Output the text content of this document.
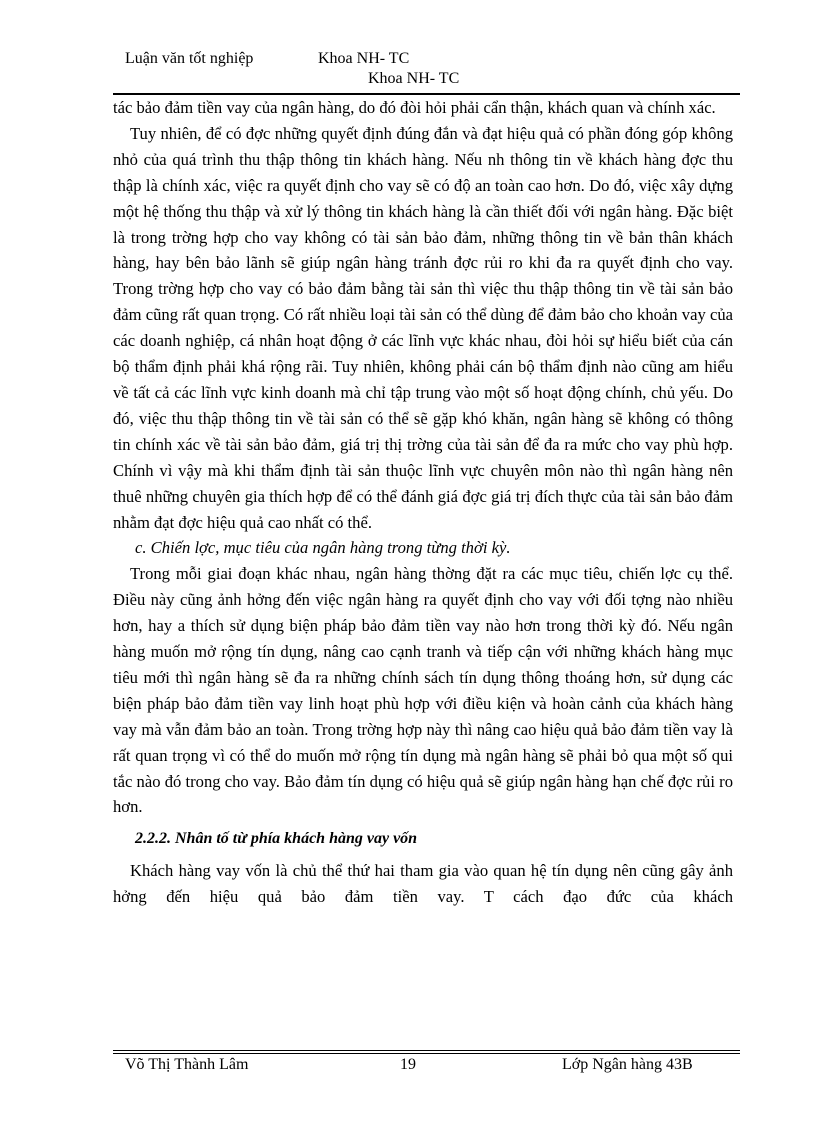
Luận văn tốt nghiệp	Khoa NH- TC
Khoa NH- TC

tác bảo đảm tiền vay của ngân hàng, do đó đòi hỏi phải cẩn thận, khách quan và chính xác.

Tuy nhiên, để có đợc những quyết định đúng đắn và đạt hiệu quả có phần đóng góp không nhỏ của quá trình thu thập thông tin khách hàng. Nếu nh thông tin về khách hàng đợc thu thập là chính xác, việc ra quyết định cho vay sẽ có độ an toàn cao hơn. Do đó, việc xây dựng một hệ thống thu thập và xử lý thông tin khách hàng là cần thiết đối với ngân hàng. Đặc biệt là trong trờng hợp cho vay không có tài sản bảo đảm, những thông tin về bản thân khách hàng, hay bên bảo lãnh sẽ giúp ngân hàng tránh đợc rủi ro khi đa ra quyết định cho vay. Trong trờng hợp cho vay có bảo đảm bằng tài sản thì việc thu thập thông tin về tài sản bảo đảm cũng rất quan trọng. Có rất nhiều loại tài sản có thể dùng để đảm bảo cho khoản vay của các doanh nghiệp, cá nhân hoạt động ở các lĩnh vực khác nhau, đòi hỏi sự hiểu biết của cán bộ thẩm định phải khá rộng rãi. Tuy nhiên, không phải cán bộ thẩm định nào cũng am hiểu về tất cả các lĩnh vực kinh doanh mà chỉ tập trung vào một số hoạt động chính, chủ yếu. Do đó, việc thu thập thông tin về tài sản có thể sẽ gặp khó khăn, ngân hàng sẽ không có thông tin chính xác về tài sản bảo đảm, giá trị thị trờng của tài sản để đa ra mức cho vay phù hợp. Chính vì vậy mà khi thẩm định tài sản thuộc lĩnh vực chuyên môn nào thì ngân hàng nên thuê những chuyên gia thích hợp để có thể đánh giá đợc giá trị đích thực của tài sản bảo đảm nhằm đạt đợc hiệu quả cao nhất có thể.

c. Chiến lợc, mục tiêu của ngân hàng trong từng thời kỳ.

Trong mỗi giai đoạn khác nhau, ngân hàng thờng đặt ra các mục tiêu, chiến lợc cụ thể. Điều này cũng ảnh hởng đến việc ngân hàng ra quyết định cho vay với đối tợng nào nhiều hơn, hay a thích sử dụng biện pháp bảo đảm tiền vay nào hơn trong thời kỳ đó. Nếu ngân hàng muốn mở rộng tín dụng, nâng cao cạnh tranh và tiếp cận với những khách hàng mục tiêu mới thì ngân hàng sẽ đa ra những chính sách tín dụng thông thoáng hơn, sử dụng các biện pháp bảo đảm tiền vay linh hoạt phù hợp với điều kiện và hoàn cảnh của khách hàng vay mà vẫn đảm bảo an toàn. Trong trờng hợp này thì nâng cao hiệu quả bảo đảm tiền vay là rất quan trọng vì có thể do muốn mở rộng tín dụng mà ngân hàng sẽ phải bỏ qua một số qui tắc nào đó trong cho vay. Bảo đảm tín dụng có hiệu quả sẽ giúp ngân hàng hạn chế đợc rủi ro hơn.

2.2.2. Nhân tố từ phía khách hàng vay vốn

Khách hàng vay vốn là chủ thể thứ hai tham gia vào quan hệ tín dụng nên cũng gây ảnh hởng đến hiệu quả bảo đảm tiền vay. T cách đạo đức của khách

Võ Thị Thành Lâm	19	Lớp Ngân hàng 43B
